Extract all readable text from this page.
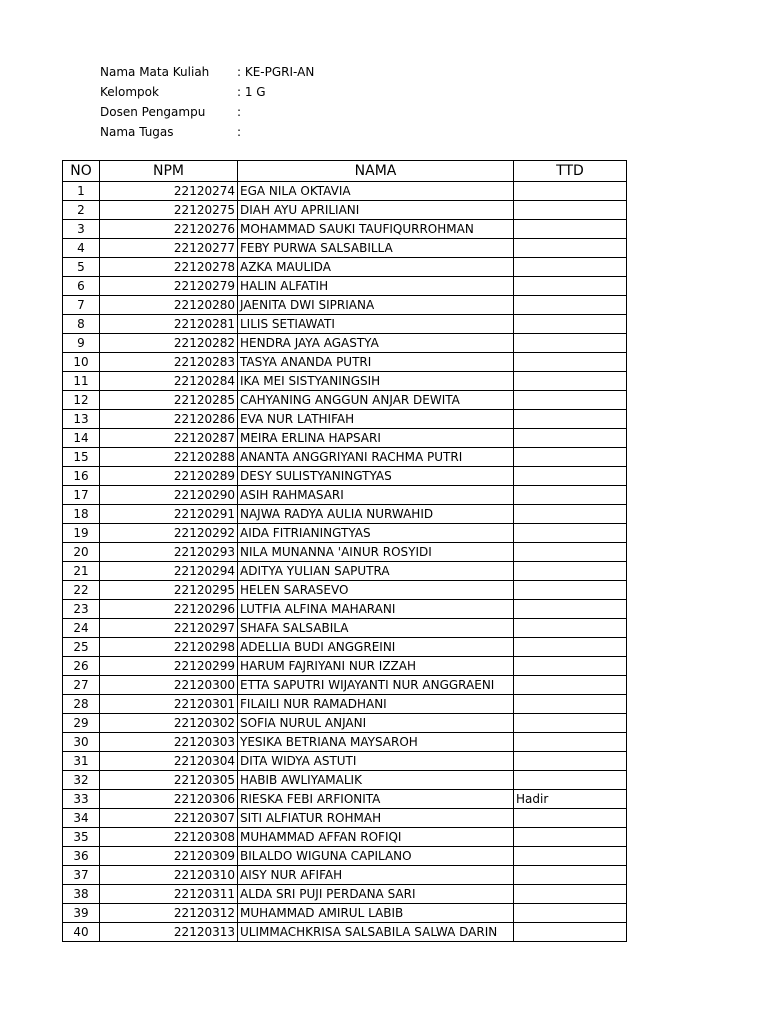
Nama Mata Kuliah : KE-PGRI-AN
Kelompok	: 1 G
Dosen Pengampu	:
Nama Tugas	:
NO	NPM	NAMA	TTD
1	22120274	EGA NILA OKTAVIA	
2	22120275	DIAH AYU APRILIANI	
3	22120276	MOHAMMAD SAUKI TAUFIQURROHMAN	
4	22120277	FEBY PURWA SALSABILLA	
5	22120278	AZKA MAULIDA	
6	22120279	HALIN ALFATIH	
7	22120280	JAENITA DWI SIPRIANA	
8	22120281	LILIS SETIAWATI	
9	22120282	HENDRA JAYA AGASTYA	
10	22120283	TASYA ANANDA PUTRI	
11	22120284	IKA MEI SISTYANINGSIH	
12	22120285	CAHYANING ANGGUN ANJAR DEWITA	
13	22120286	EVA NUR LATHIFAH	
14	22120287	MEIRA ERLINA HAPSARI	
15	22120288	ANANTA ANGGRIYANI RACHMA PUTRI	
16	22120289	DESY SULISTYANINGTYAS	
17	22120290	ASIH RAHMASARI	
18	22120291	NAJWA RADYA AULIA NURWAHID	
19	22120292	AIDA FITRIANINGTYAS	
20	22120293	NILA MUNANNA 'AINUR ROSYIDI	
21	22120294	ADITYA YULIAN SAPUTRA	
22	22120295	HELEN SARASEVO	
23	22120296	LUTFIA ALFINA MAHARANI	
24	22120297	SHAFA SALSABILA	
25	22120298	ADELLIA BUDI ANGGREINI	
26	22120299	HARUM FAJRIYANI NUR IZZAH	
27	22120300	ETTA SAPUTRI WIJAYANTI NUR ANGGRAENI	
28	22120301	FILAILI NUR RAMADHANI	
29	22120302	SOFIA NURUL ANJANI	
30	22120303	YESIKA BETRIANA MAYSAROH	
31	22120304	DITA WIDYA ASTUTI	
32	22120305	HABIB AWLIYAMALIK	
33	22120306	RIESKA FEBI ARFIONITA	Hadir
34	22120307	SITI ALFIATUR ROHMAH	
35	22120308	MUHAMMAD AFFAN ROFIQI	
36	22120309	BILALDO WIGUNA CAPILANO	
37	22120310	AISY NUR AFIFAH	
38	22120311	ALDA SRI PUJI PERDANA SARI	
39	22120312	MUHAMMAD AMIRUL LABIB	
40	22120313	ULIMMACHKRISA SALSABILA SALWA DARIN	
